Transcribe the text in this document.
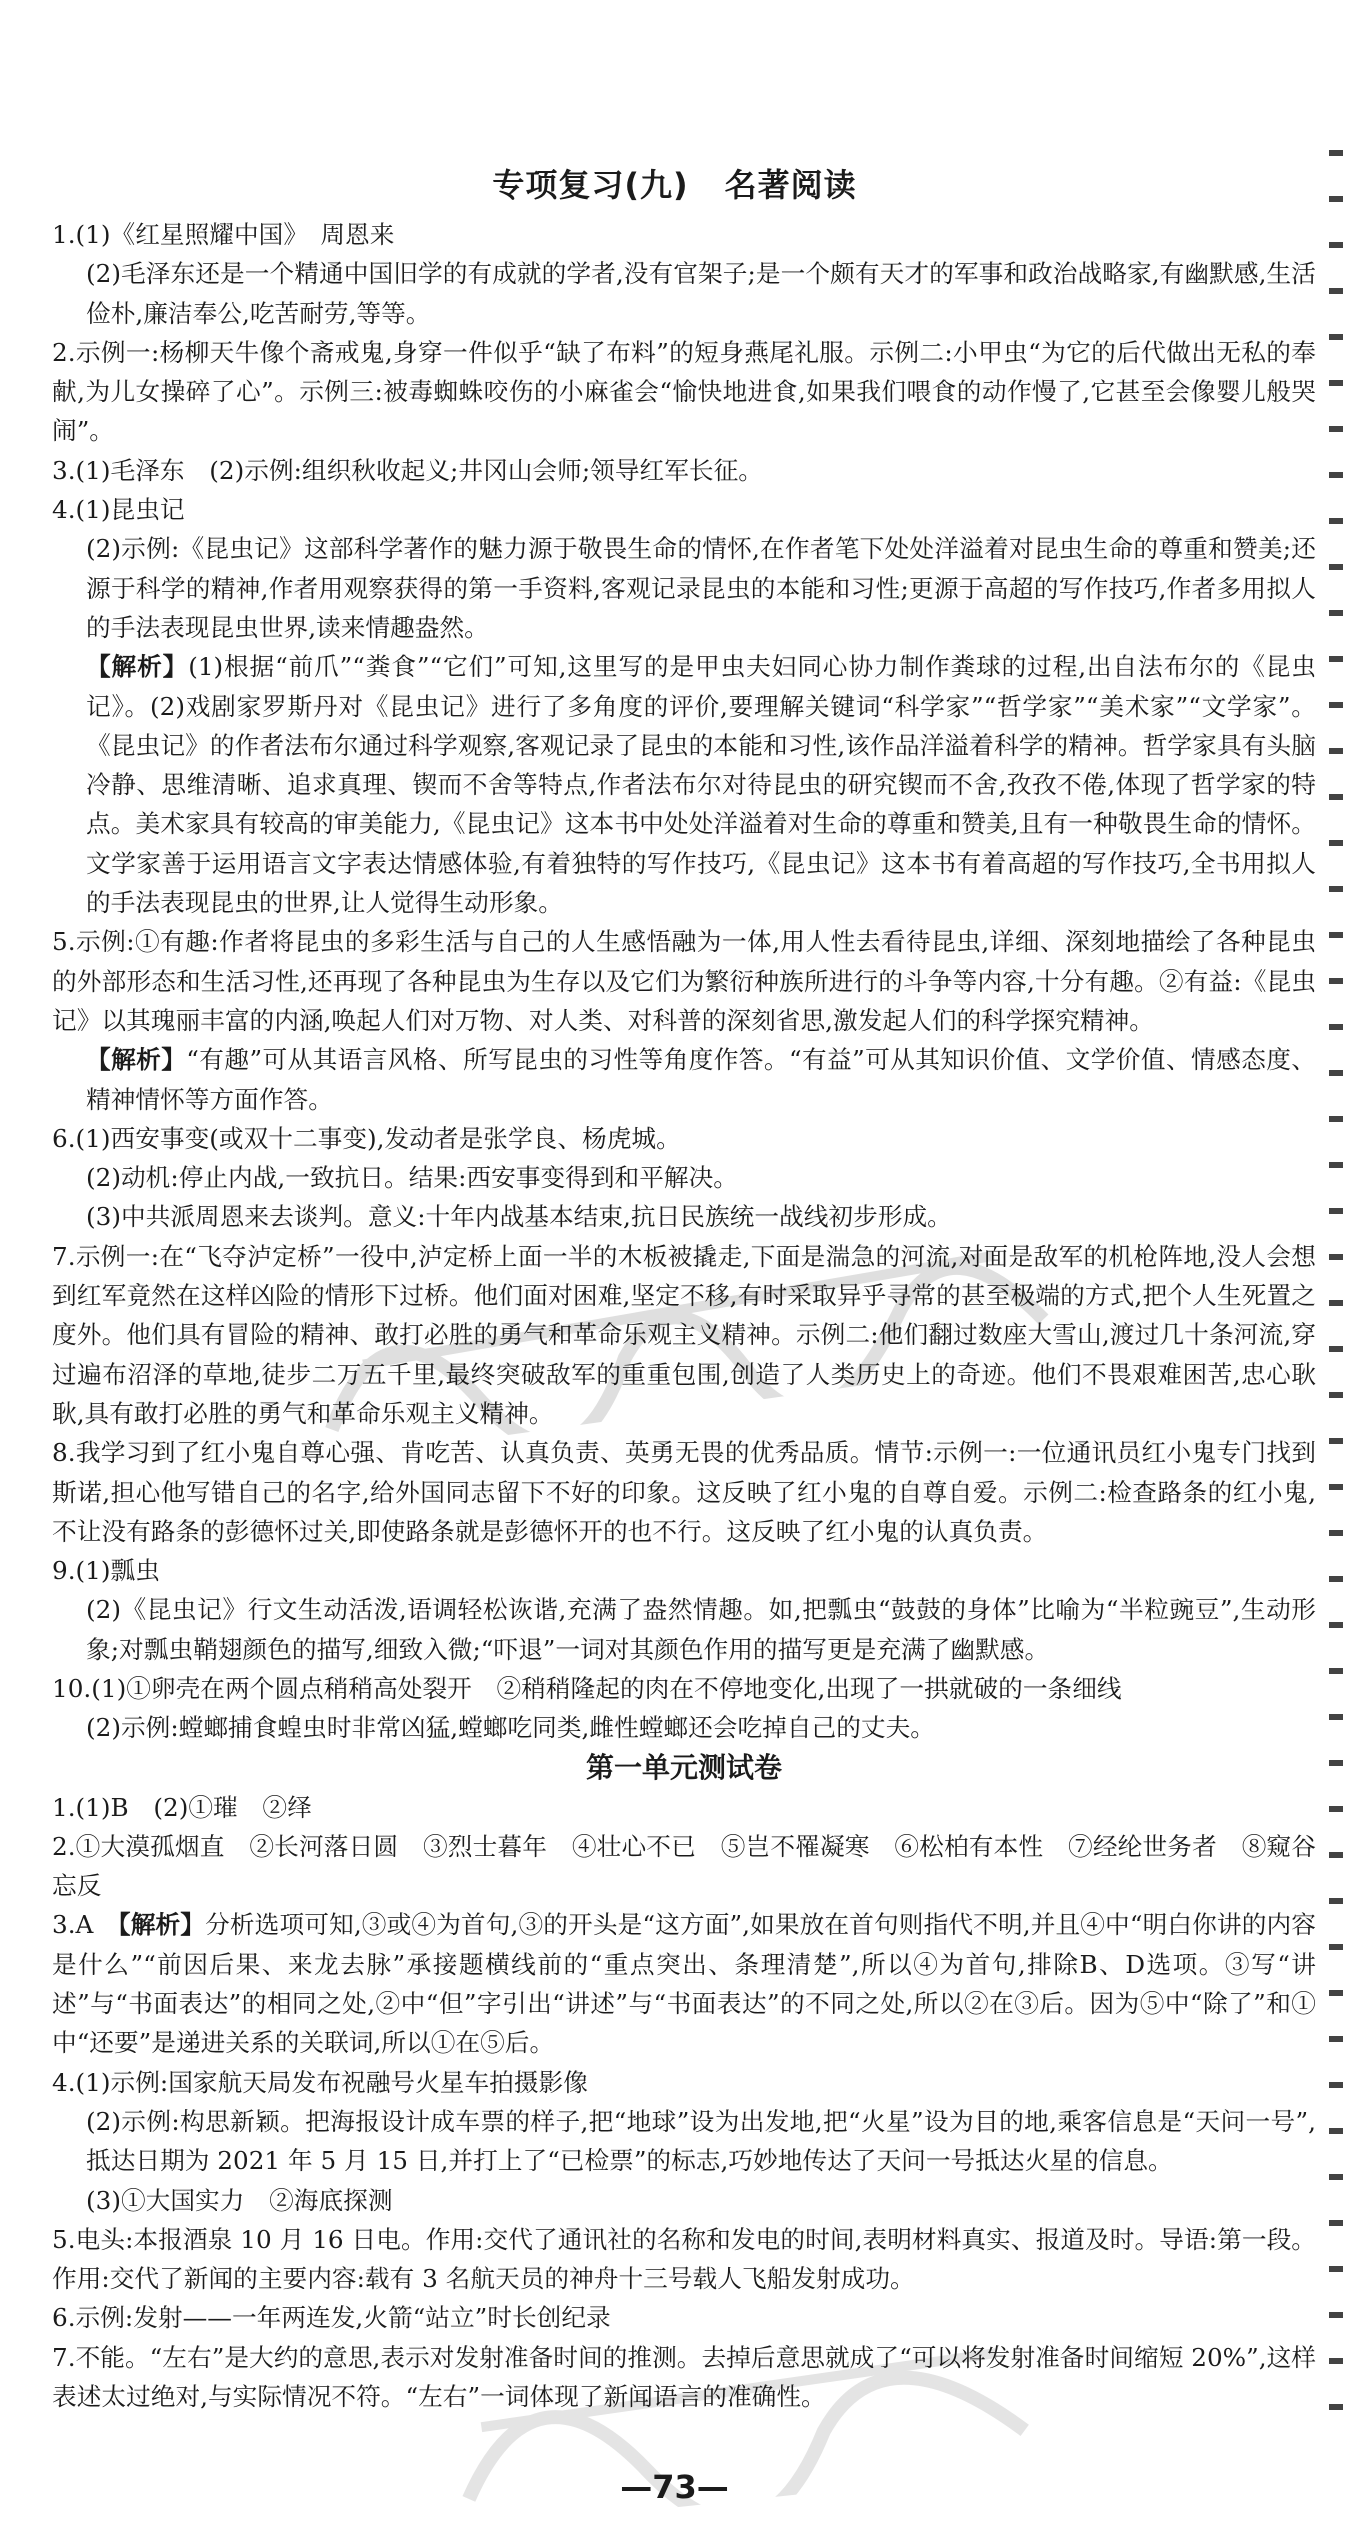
专项复习(九) 名著阅读

1.(1)《红星照耀中国》　周恩来

(2)毛泽东还是一个精通中国旧学的有成就的学者,没有官架子;是一个颇有天才的军事和政治战略家,有幽默感,生活俭朴,廉洁奉公,吃苦耐劳,等等。

2.示例一:杨柳天牛像个斋戒鬼,身穿一件似乎“缺了布料”的短身燕尾礼服。示例二:小甲虫“为它的后代做出无私的奉献,为儿女操碎了心”。示例三:被毒蜘蛛咬伤的小麻雀会“愉快地进食,如果我们喂食的动作慢了,它甚至会像婴儿般哭闹”。

3.(1)毛泽东　(2)示例:组织秋收起义;井冈山会师;领导红军长征。

4.(1)昆虫记

(2)示例:《昆虫记》这部科学著作的魅力源于敬畏生命的情怀,在作者笔下处处洋溢着对昆虫生命的尊重和赞美;还源于科学的精神,作者用观察获得的第一手资料,客观记录昆虫的本能和习性;更源于高超的写作技巧,作者多用拟人的手法表现昆虫世界,读来情趣盎然。

【解析】(1)根据“前爪”“粪食”“它们”可知,这里写的是甲虫夫妇同心协力制作粪球的过程,出自法布尔的《昆虫记》。(2)戏剧家罗斯丹对《昆虫记》进行了多角度的评价,要理解关键词“科学家”“哲学家”“美术家”“文学家”。《昆虫记》的作者法布尔通过科学观察,客观记录了昆虫的本能和习性,该作品洋溢着科学的精神。哲学家具有头脑冷静、思维清晰、追求真理、锲而不舍等特点,作者法布尔对待昆虫的研究锲而不舍,孜孜不倦,体现了哲学家的特点。美术家具有较高的审美能力,《昆虫记》这本书中处处洋溢着对生命的尊重和赞美,且有一种敬畏生命的情怀。文学家善于运用语言文字表达情感体验,有着独特的写作技巧,《昆虫记》这本书有着高超的写作技巧,全书用拟人的手法表现昆虫的世界,让人觉得生动形象。

5.示例:①有趣:作者将昆虫的多彩生活与自己的人生感悟融为一体,用人性去看待昆虫,详细、深刻地描绘了各种昆虫的外部形态和生活习性,还再现了各种昆虫为生存以及它们为繁衍种族所进行的斗争等内容,十分有趣。②有益:《昆虫记》以其瑰丽丰富的内涵,唤起人们对万物、对人类、对科普的深刻省思,激发起人们的科学探究精神。

【解析】“有趣”可从其语言风格、所写昆虫的习性等角度作答。“有益”可从其知识价值、文学价值、情感态度、精神情怀等方面作答。

6.(1)西安事变(或双十二事变),发动者是张学良、杨虎城。

(2)动机:停止内战,一致抗日。结果:西安事变得到和平解决。

(3)中共派周恩来去谈判。意义:十年内战基本结束,抗日民族统一战线初步形成。

7.示例一:在“飞夺泸定桥”一役中,泸定桥上面一半的木板被撬走,下面是湍急的河流,对面是敌军的机枪阵地,没人会想到红军竟然在这样凶险的情形下过桥。他们面对困难,坚定不移,有时采取异乎寻常的甚至极端的方式,把个人生死置之度外。他们具有冒险的精神、敢打必胜的勇气和革命乐观主义精神。示例二:他们翻过数座大雪山,渡过几十条河流,穿过遍布沼泽的草地,徒步二万五千里,最终突破敌军的重重包围,创造了人类历史上的奇迹。他们不畏艰难困苦,忠心耿耿,具有敢打必胜的勇气和革命乐观主义精神。

8.我学习到了红小鬼自尊心强、肯吃苦、认真负责、英勇无畏的优秀品质。情节:示例一:一位通讯员红小鬼专门找到斯诺,担心他写错自己的名字,给外国同志留下不好的印象。这反映了红小鬼的自尊自爱。示例二:检查路条的红小鬼,不让没有路条的彭德怀过关,即使路条就是彭德怀开的也不行。这反映了红小鬼的认真负责。

9.(1)瓢虫

(2)《昆虫记》行文生动活泼,语调轻松诙谐,充满了盎然情趣。如,把瓢虫“鼓鼓的身体”比喻为“半粒豌豆”,生动形象;对瓢虫鞘翅颜色的描写,细致入微;“吓退”一词对其颜色作用的描写更是充满了幽默感。

10.(1)①卵壳在两个圆点稍稍高处裂开　②稍稍隆起的肉在不停地变化,出现了一拱就破的一条细线

(2)示例:螳螂捕食蝗虫时非常凶猛,螳螂吃同类,雌性螳螂还会吃掉自己的丈夫。

第一单元测试卷

1.(1)B　(2)①璀　②绎

2.①大漠孤烟直　②长河落日圆　③烈士暮年　④壮心不已　⑤岂不罹凝寒　⑥松柏有本性　⑦经纶世务者　⑧窥谷忘反

3.A　【解析】分析选项可知,③或④为首句,③的开头是“这方面”,如果放在首句则指代不明,并且④中“明白你讲的内容是什么”“前因后果、来龙去脉”承接题横线前的“重点突出、条理清楚”,所以④为首句,排除B、D选项。③写“讲述”与“书面表达”的相同之处,②中“但”字引出“讲述”与“书面表达”的不同之处,所以②在③后。因为⑤中“除了”和①中“还要”是递进关系的关联词,所以①在⑤后。

4.(1)示例:国家航天局发布祝融号火星车拍摄影像

(2)示例:构思新颖。把海报设计成车票的样子,把“地球”设为出发地,把“火星”设为目的地,乘客信息是“天问一号”,抵达日期为 2021 年 5 月 15 日,并打上了“已检票”的标志,巧妙地传达了天问一号抵达火星的信息。

(3)①大国实力　②海底探测

5.电头:本报酒泉 10 月 16 日电。作用:交代了通讯社的名称和发电的时间,表明材料真实、报道及时。导语:第一段。作用:交代了新闻的主要内容:载有 3 名航天员的神舟十三号载人飞船发射成功。

6.示例:发射——一年两连发,火箭“站立”时长创纪录

7.不能。“左右”是大约的意思,表示对发射准备时间的推测。去掉后意思就成了“可以将发射准备时间缩短 20%”,这样表述太过绝对,与实际情况不符。“左右”一词体现了新闻语言的准确性。

—73—
